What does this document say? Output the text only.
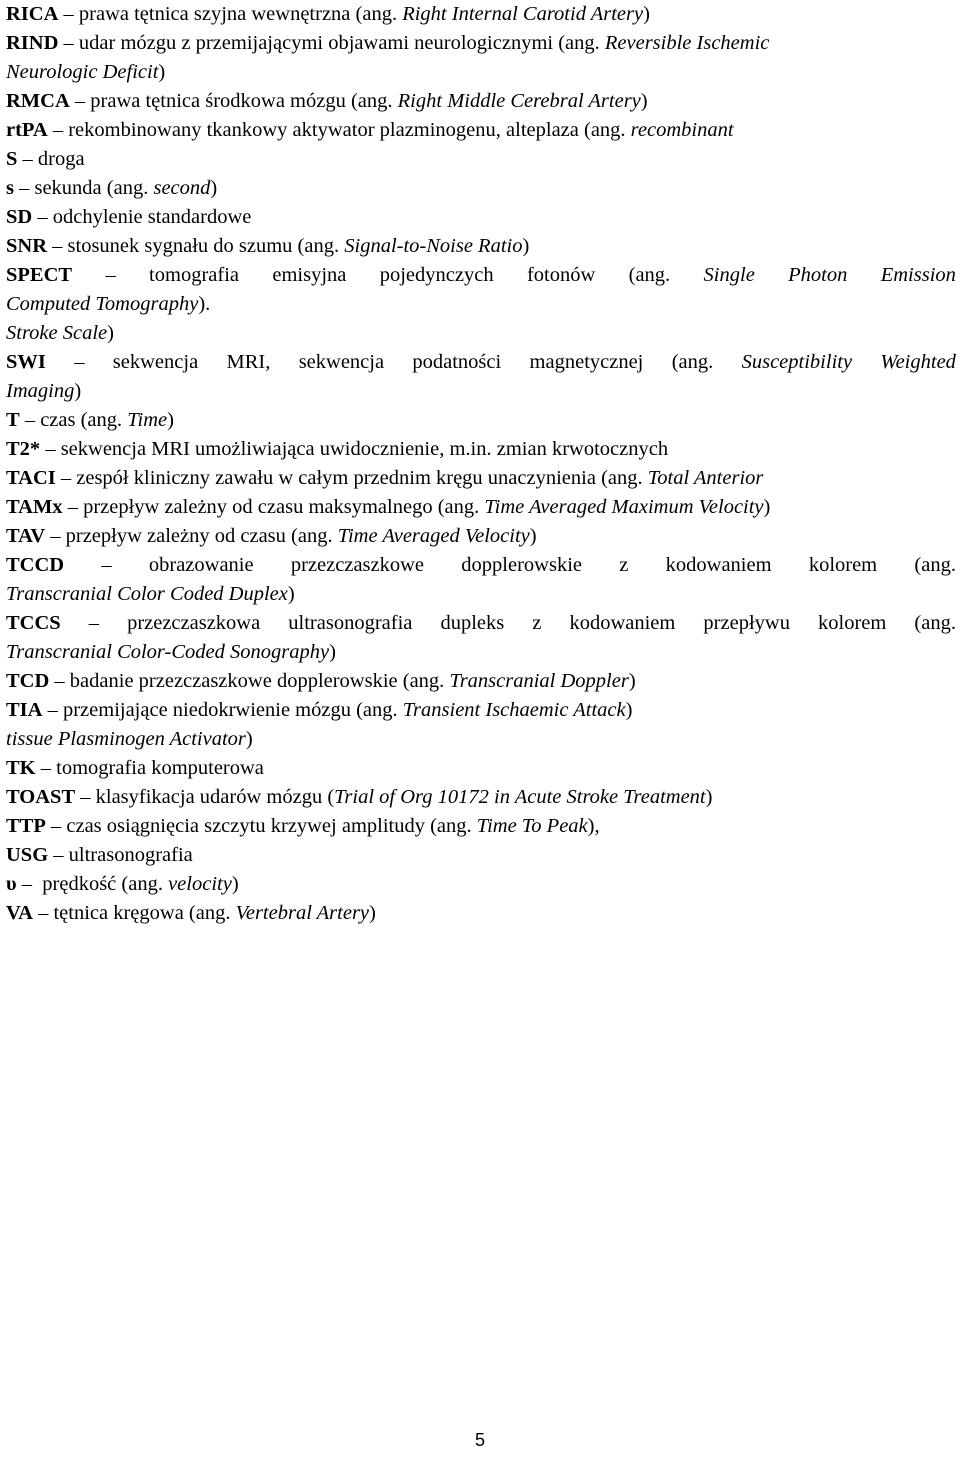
RICA – prawa tętnica szyjna wewnętrzna (ang. Right Internal Carotid Artery)
RIND – udar mózgu z przemijającymi objawami neurologicznymi (ang. Reversible Ischemic
Neurologic Deficit)
RMCA – prawa tętnica środkowa mózgu (ang. Right Middle Cerebral Artery)
rtPA – rekombinowany tkankowy aktywator plazminogenu, alteplaza (ang. recombinant
S – droga
s – sekunda (ang. second)
SD – odchylenie standardowe
SNR – stosunek sygnału do szumu (ang. Signal-to-Noise Ratio)
SPECT – tomografia emisyjna pojedynczych fotonów (ang. Single Photon Emission
Computed Tomography).
Stroke Scale)
SWI – sekwencja MRI, sekwencja podatności magnetycznej (ang. Susceptibility Weighted
Imaging)
T – czas (ang. Time)
T2* – sekwencja MRI umożliwiająca uwidocznienie, m.in. zmian krwotocznych
TACI – zespół kliniczny zawału w całym przednim kręgu unaczynienia (ang. Total Anterior
TAMx – przepływ zależny od czasu maksymalnego (ang. Time Averaged Maximum Velocity)
TAV – przepływ zależny od czasu (ang. Time Averaged Velocity)
TCCD – obrazowanie przezczaszkowe dopplerowskie z kodowaniem kolorem (ang.
Transcranial Color Coded Duplex)
TCCS – przezczaszkowa ultrasonografia dupleks z kodowaniem przepływu kolorem (ang.
Transcranial Color-Coded Sonography)
TCD – badanie przezczaszkowe dopplerowskie (ang. Transcranial Doppler)
TIA – przemijające niedokrwienie mózgu (ang. Transient Ischaemic Attack)
tissue Plasminogen Activator)
TK – tomografia komputerowa
TOAST – klasyfikacja udarów mózgu (Trial of Org 10172 in Acute Stroke Treatment)
TTP – czas osiągnięcia szczytu krzywej amplitudy (ang. Time To Peak),
USG – ultrasonografia
υ –  prędkość (ang. velocity)
VA – tętnica kręgowa (ang. Vertebral Artery)
5
